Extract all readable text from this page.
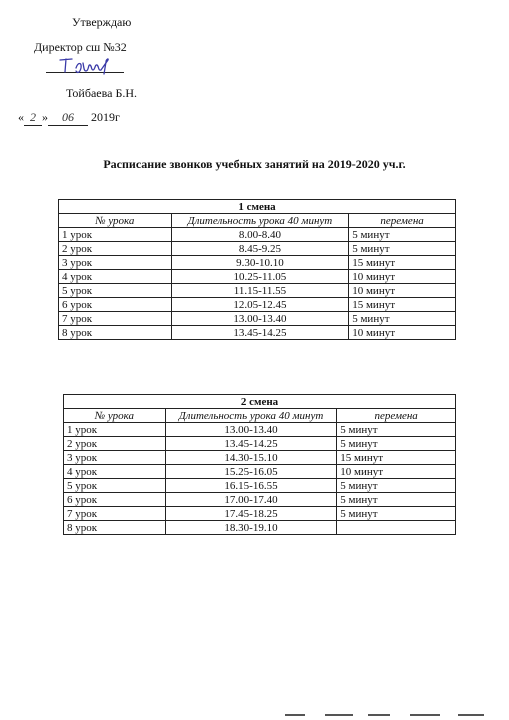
Утверждаю
Директор сш №32
Тойбаева Б.Н.
« 2 » 06 2019г
Расписание звонков учебных занятий на 2019-2020 уч.г.
1 смена		
№ урока	Длительность урока 40 минут	перемена
1 урок	8.00-8.40	5 минут
2 урок	8.45-9.25	5 минут
3 урок	9.30-10.10	15 минут
4 урок	10.25-11.05	10 минут
5 урок	11.15-11.55	10 минут
6 урок	12.05-12.45	15 минут
7 урок	13.00-13.40	5 минут
8 урок	13.45-14.25	10 минут
2 смена		
№ урока	Длительность урока 40 минут	перемена
1 урок	13.00-13.40	5 минут
2 урок	13.45-14.25	5 минут
3 урок	14.30-15.10	15 минут
4 урок	15.25-16.05	10 минут
5 урок	16.15-16.55	5 минут
6 урок	17.00-17.40	5 минут
7 урок	17.45-18.25	5 минут
8 урок	18.30-19.10	
